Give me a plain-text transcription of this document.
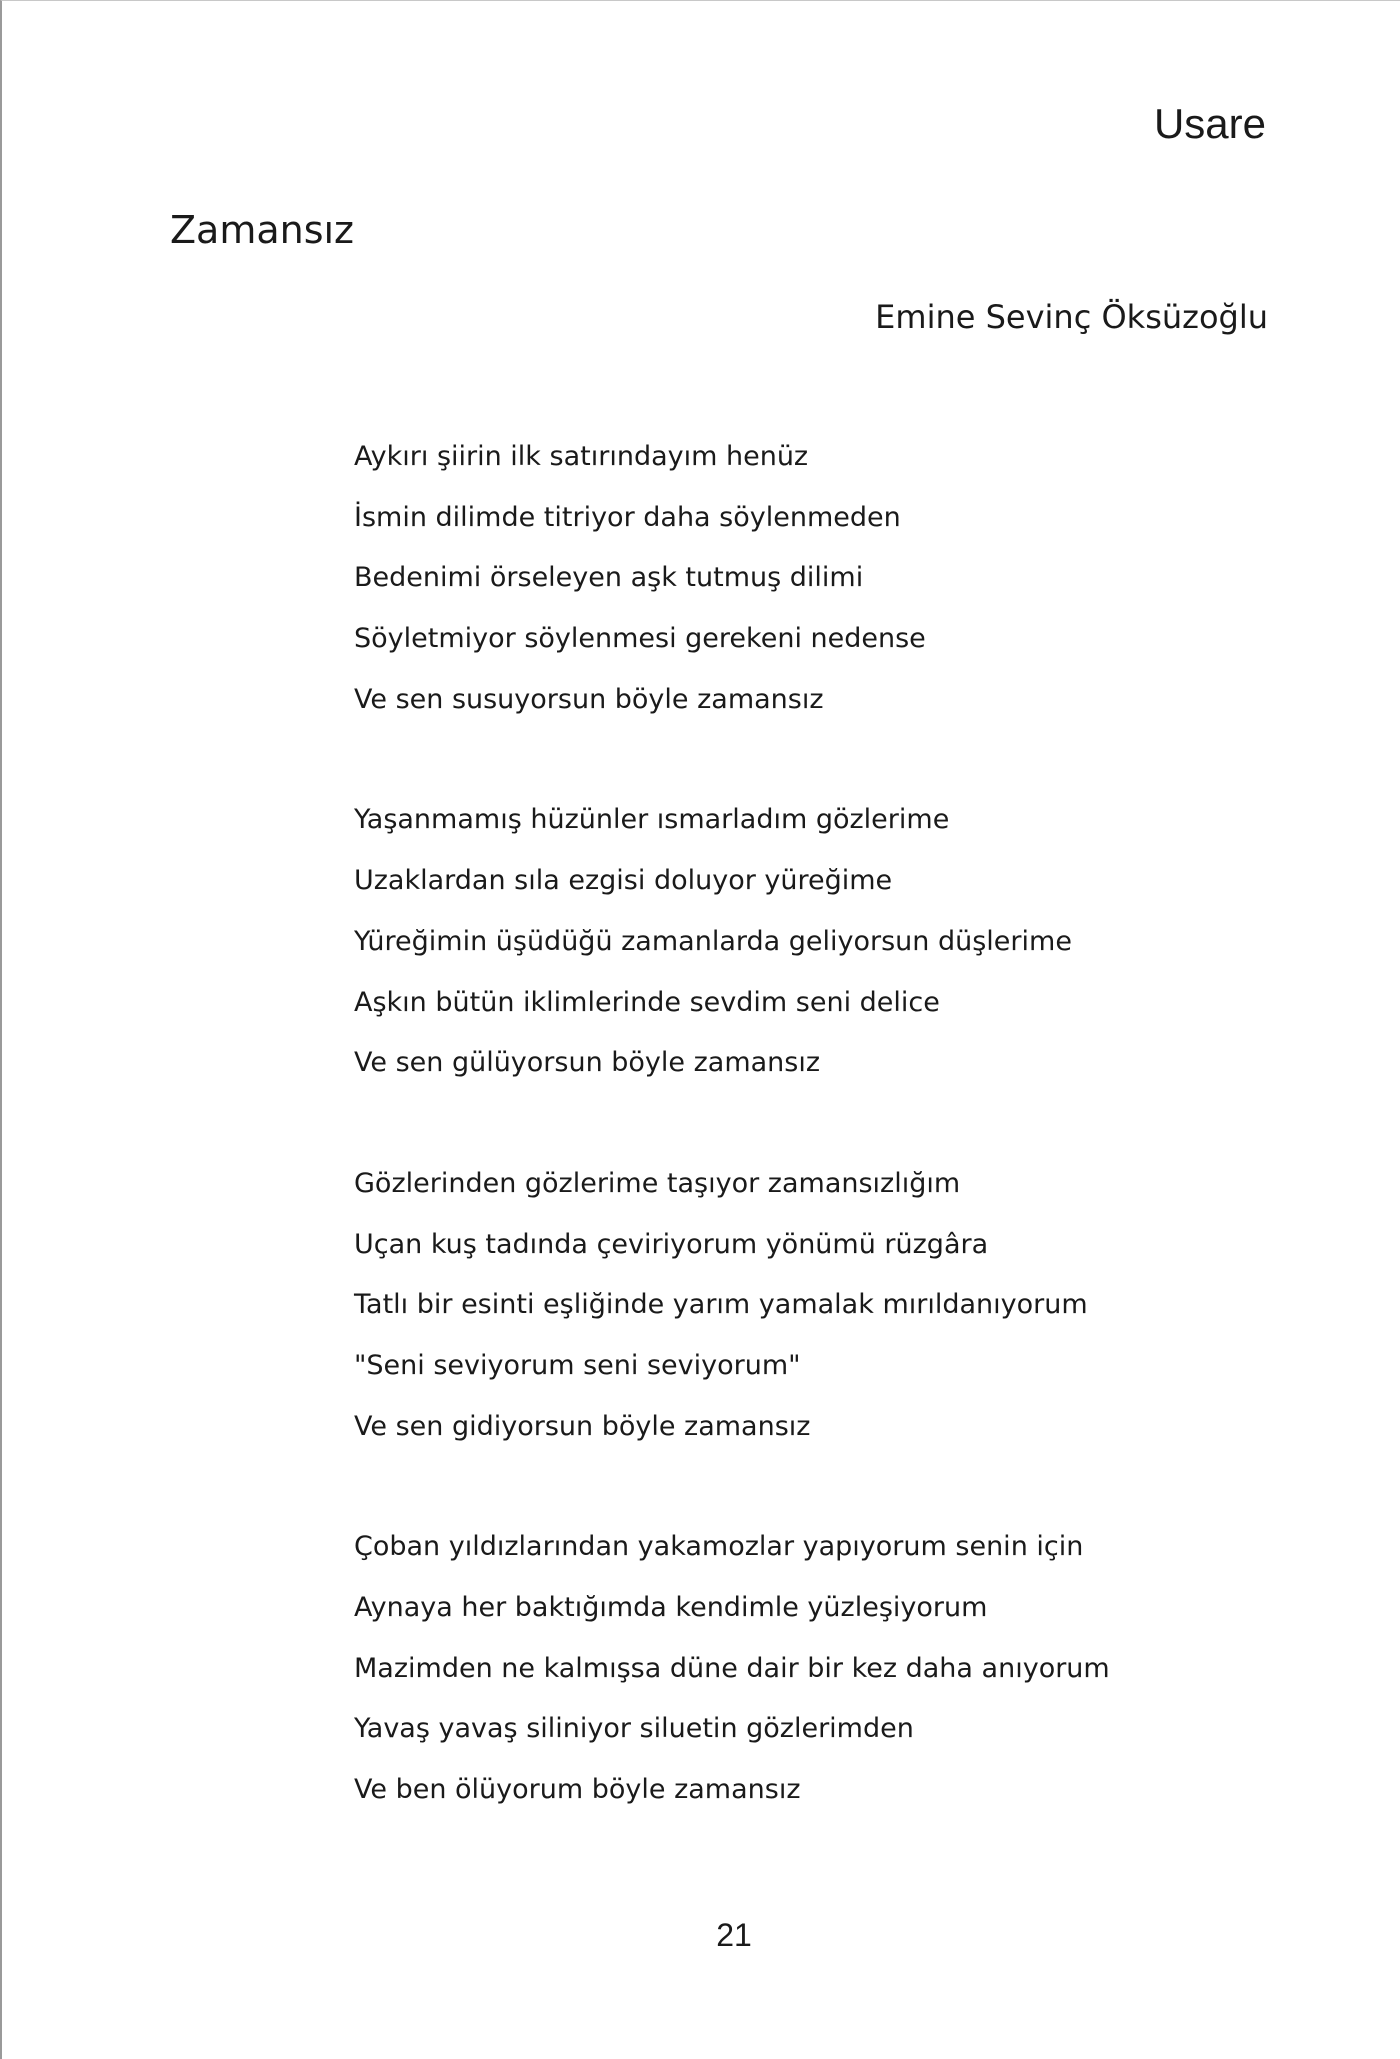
Usare
Zamansız
Emine Sevinç Öksüzoğlu
Aykırı şiirin ilk satırındayım henüz
İsmin dilimde titriyor daha söylenmeden
Bedenimi örseleyen aşk tutmuş dilimi
Söyletmiyor söylenmesi gerekeni nedense
Ve sen susuyorsun böyle zamansız
Yaşanmamış hüzünler ısmarladım gözlerime
Uzaklardan sıla ezgisi doluyor yüreğime
Yüreğimin üşüdüğü zamanlarda geliyorsun düşlerime
Aşkın bütün iklimlerinde sevdim seni delice
Ve sen gülüyorsun böyle zamansız
Gözlerinden gözlerime taşıyor zamansızlığım
Uçan kuş tadında çeviriyorum yönümü rüzgâra
Tatlı bir esinti eşliğinde yarım yamalak mırıldanıyorum
"Seni seviyorum seni seviyorum"
Ve sen gidiyorsun böyle zamansız
Çoban yıldızlarından yakamozlar yapıyorum senin için
Aynaya her baktığımda kendimle yüzleşiyorum
Mazimden ne kalmışsa düne dair bir kez daha anıyorum
Yavaş yavaş siliniyor siluetin gözlerimden
Ve ben ölüyorum böyle zamansız
21
